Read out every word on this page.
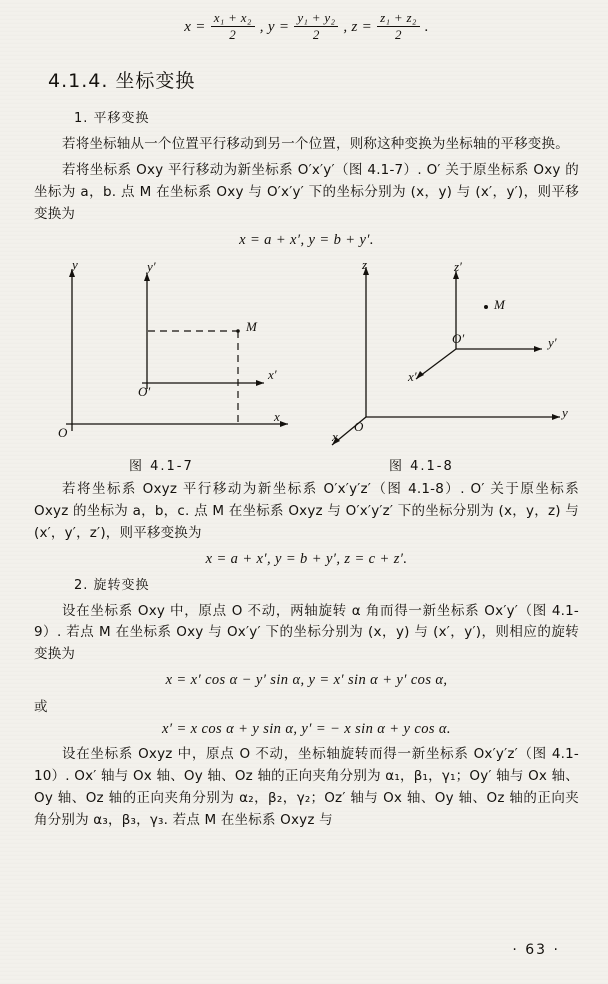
$x = \frac{\text{x₁ + x₂}}{2}$ , $y = \frac{\text{y₁ + y₂}}{2}$ , $z = \frac{\text{z₁ + z₂}}{2}$ .
4.1.4. 坐标变换
1. 平移变换

若将坐标轴从一个位置平行移动到另一个位置，则称这种变换为坐标轴的平移变换。

若将坐标系 Oxy 平行移动为新坐标系 O′x′y′（图 4.1-7）. O′ 关于原坐标系 Oxy 的坐标为 a，b. 点 M 在坐标系 Oxy 与 O′x′y′ 下的坐标分别为 (x，y) 与 (x′，y′)，则平移变换为

x = a + x′, y = b + y′.
y	y′
M
O′
x′
O
x
z	z′
M
O′
x′
y′
O
y
x
图 4.1-7	图 4.1-8

若将坐标系 Oxyz 平行移动为新坐标系 O′x′y′z′（图 4.1-8）. O′ 关于原坐标系 Oxyz 的坐标为 a，b，c. 点 M 在坐标系 Oxyz 与 O′x′y′z′ 下的坐标分别为 (x，y，z) 与 (x′，y′，z′)，则平移变换为

x = a + x′, y = b + y′, z = c + z′.
2. 旋转变换

设在坐标系 Oxy 中，原点 O 不动，两轴旋转 α 角而得一新坐标系 Ox′y′（图 4.1-9）. 若点 M 在坐标系 Oxy 与 Ox′y′ 下的坐标分别为 (x，y) 与 (x′，y′)，则相应的旋转变换为

x = x′ cos α − y′ sin α, y = x′ sin α + y′ cos α,
或
x′ = x cos α + y sin α, y′ = − x sin α + y cos α.

设在坐标系 Oxyz 中，原点 O 不动，坐标轴旋转而得一新坐标系 Ox′y′z′（图 4.1-10）. Ox′ 轴与 Ox 轴、Oy 轴、Oz 轴的正向夹角分别为 α₁，β₁，γ₁；Oy′ 轴与 Ox 轴、Oy 轴、Oz 轴的正向夹角分别为 α₂，β₂，γ₂；Oz′ 轴与 Ox 轴、Oy 轴、Oz 轴的正向夹角分别为 α₃，β₃，γ₃. 若点 M 在坐标系 Oxyz 与

· 63 ·
